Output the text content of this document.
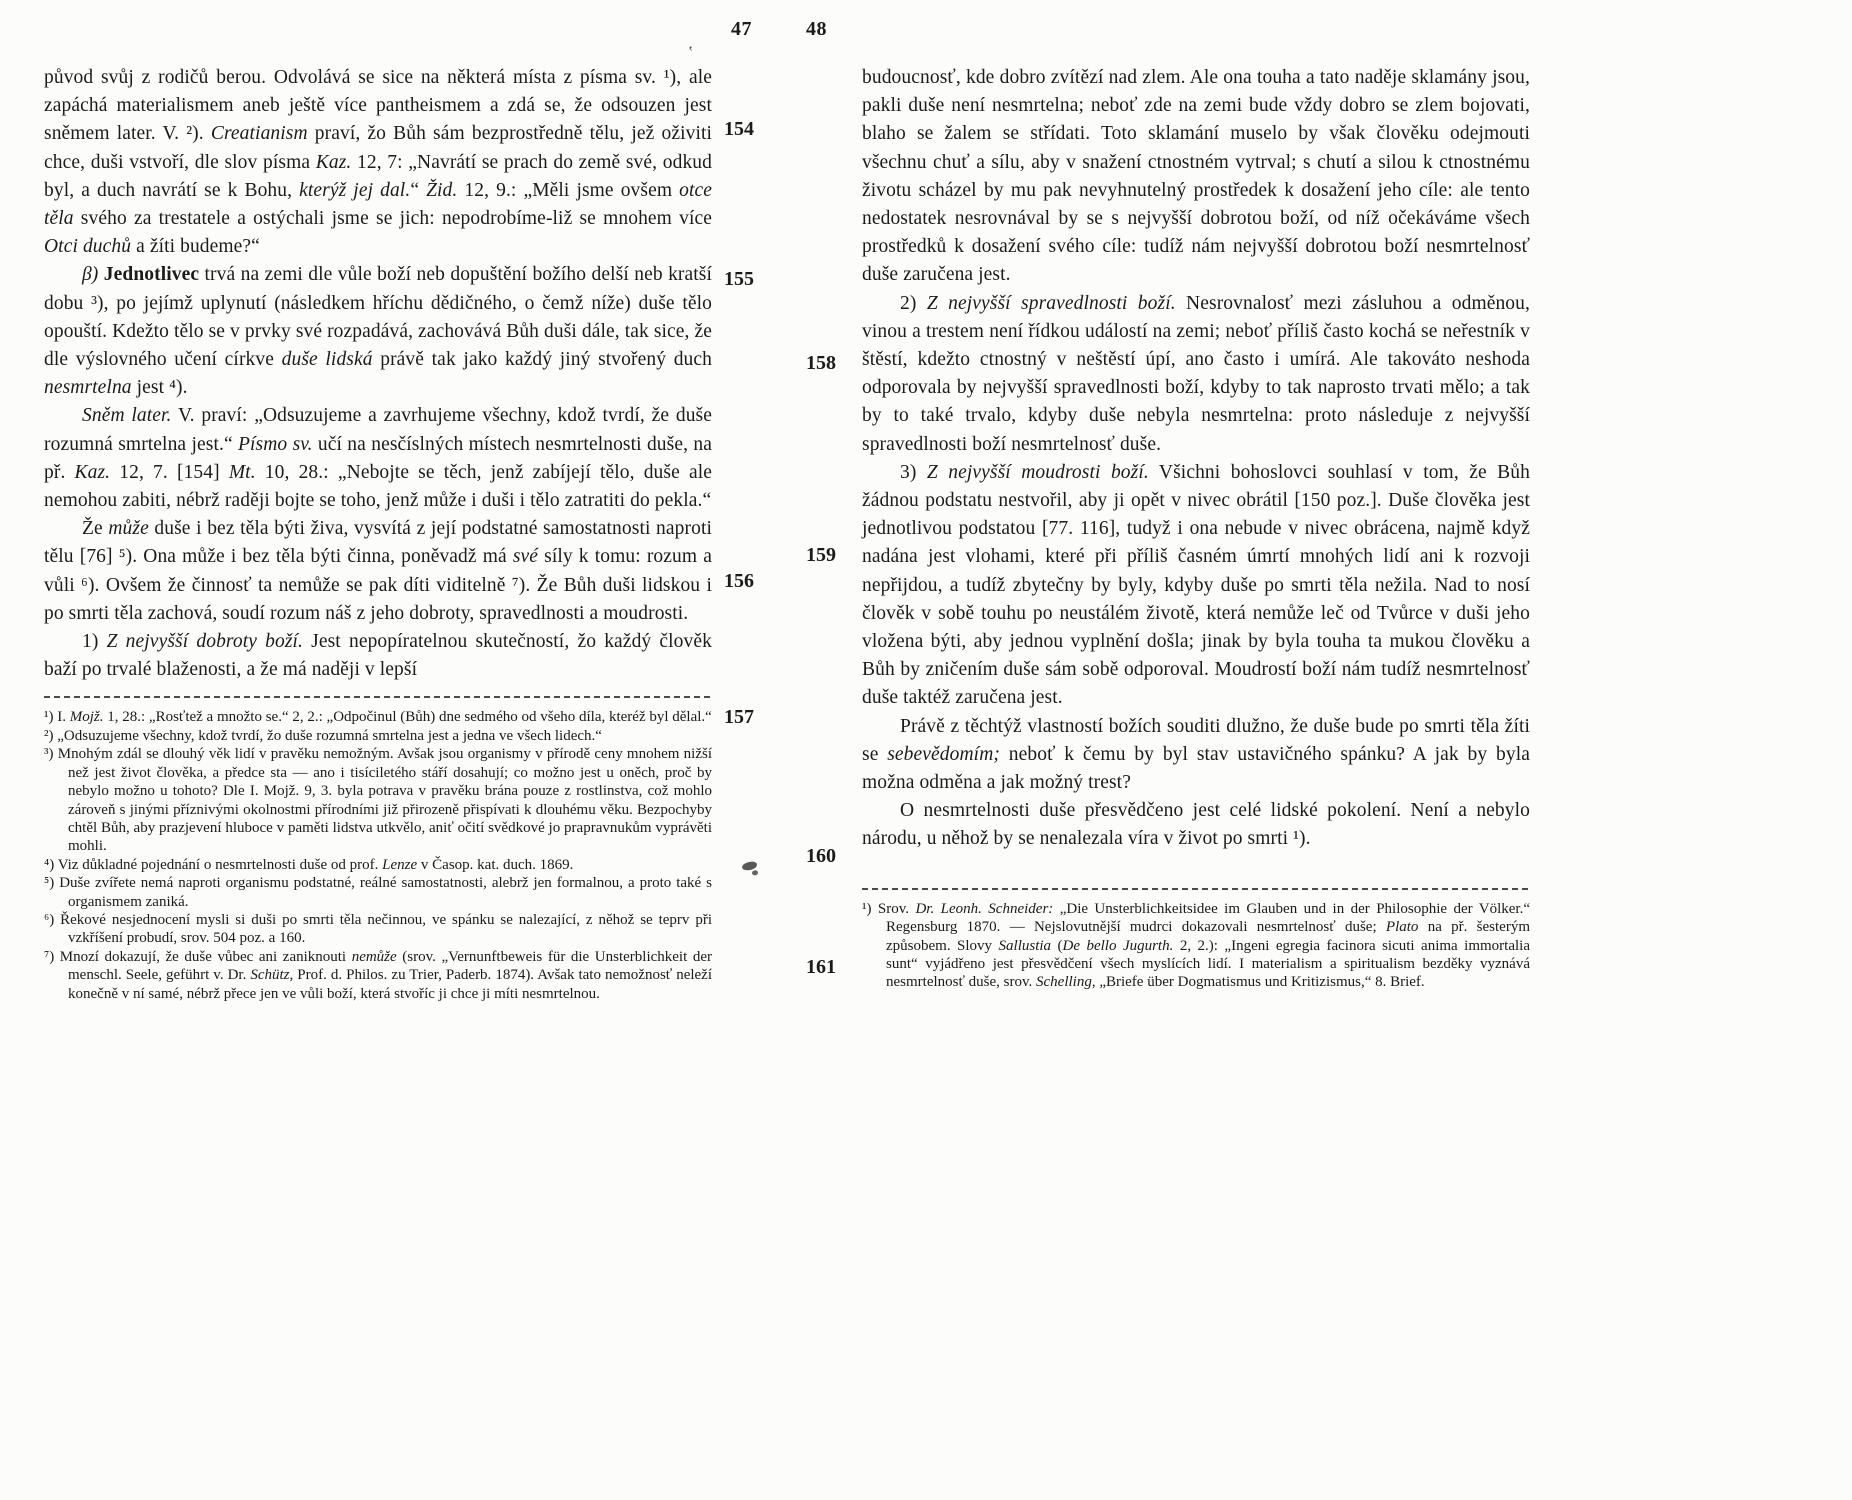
47	48
‛

původ svůj z rodičů berou. Odvolává se sice na některá místa z písma sv. ¹), ale zapáchá materialismem aneb ještě více pantheismem a zdá se, že odsouzen jest sněmem later. V. ²). Creatianism praví, žo Bůh sám bezprostředně tělu, jež oživiti chce, duši vstvoří, dle slov písma Kaz. 12, 7: „Navrátí se prach do země své, odkud byl, a duch navrátí se k Bohu, kterýž jej dal.“ Žid. 12, 9.: „Měli jsme ovšem otce těla svého za trestatele a ostýchali jsme se jich: nepodrobíme-liž se mnohem více Otci duchů a žíti budeme?“

β) Jednotlivec trvá na zemi dle vůle boží neb dopuštění božího delší neb kratší dobu ³), po jejímž uplynutí (následkem hříchu dědičného, o čemž níže) duše tělo opouští. Kdežto tělo se v prvky své rozpadává, zachovává Bůh duši dále, tak sice, že dle výslovného učení církve duše lidská právě tak jako každý jiný stvořený duch nesmrtelna jest ⁴).

Sněm later. V. praví: „Odsuzujeme a zavrhujeme všechny, kdož tvrdí, že duše rozumná smrtelna jest.“ Písmo sv. učí na nesčíslných místech nesmrtelnosti duše, na př. Kaz. 12, 7. [154] Mt. 10, 28.: „Nebojte se těch, jenž zabíjejí tělo, duše ale nemohou zabiti, nébrž raději bojte se toho, jenž může i duši i tělo zatratiti do pekla.“

Že může duše i bez těla býti živa, vysvítá z její podstatné samostatnosti naproti tělu [76] ⁵). Ona může i bez těla býti činna, poněvadž má své síly k tomu: rozum a vůli ⁶). Ovšem že činnosť ta nemůže se pak díti viditelně ⁷). Že Bůh duši lidskou i po smrti těla zachová, soudí rozum náš z jeho dobroty, spravedlnosti a moudrosti.

1) Z nejvyšší dobroty boží. Jest nepopíratelnou skutečností, žo každý člověk baží po trvalé blaženosti, a že má naději v lepší

¹) I. Mojž. 1, 28.: „Rosťtež a množto se.“ 2, 2.: „Odpočinul (Bůh) dne sedmého od všeho díla, kteréž byl dělal.“

²) „Odsuzujeme všechny, kdož tvrdí, žo duše rozumná smrtelna jest a jedna ve všech lidech.“

³) Mnohým zdál se dlouhý věk lidí v pravěku nemožným. Avšak jsou organismy v přírodě ceny mnohem nižší než jest život člověka, a předce sta — ano i tisíciletého stáří dosahují; co možno jest u oněch, proč by nebylo možno u tohoto? Dle I. Mojž. 9, 3. byla potrava v pravěku brána pouze z rostlinstva, což mohlo zároveň s jinými příznivými okolnostmi přírodními již přirozeně přispívati k dlouhému věku. Bezpochyby chtěl Bůh, aby prazjevení hluboce v paměti lidstva utkvělo, aniť očití svědkové jo prapravnukům vyprávěti mohli.

⁴) Viz důkladné pojednání o nesmrtelnosti duše od prof. Lenze v Časop. kat. duch. 1869.

⁵) Duše zvířete nemá naproti organismu podstatné, reálné samostatnosti, alebrž jen formalnou, a proto také s organismem zaniká.

⁶) Řekové nesjednocení mysli si duši po smrti těla nečinnou, ve spánku se nalezající, z něhož se teprv při vzkříšení probudí, srov. 504 poz. a 160.

⁷) Mnozí dokazují, že duše vůbec ani zaniknouti nemůže (srov. „Vernunftbeweis für die Unsterblichkeit der menschl. Seele, geführt v. Dr. Schütz, Prof. d. Philos. zu Trier, Paderb. 1874). Avšak tato nemožnosť neleží konečně v ní samé, nébrž přece jen ve vůli boží, která stvoříc ji chce ji míti nesmrtelnou.

154
155
156
157
158
159
160
161

budoucnosť, kde dobro zvítězí nad zlem. Ale ona touha a tato naděje sklamány jsou, pakli duše není nesmrtelna; neboť zde na zemi bude vždy dobro se zlem bojovati, blaho se žalem se střídati. Toto sklamání muselo by však člověku odejmouti všechnu chuť a sílu, aby v snažení ctnostném vytrval; s chutí a silou k ctnostnému životu scházel by mu pak nevyhnutelný prostředek k dosažení jeho cíle: ale tento nedostatek nesrovnával by se s nejvyšší dobrotou boží, od níž očekáváme všech prostředků k dosažení svého cíle: tudíž nám nejvyšší dobrotou boží nesmrtelnosť duše zaručena jest.

2) Z nejvyšší spravedlnosti boží. Nesrovnalosť mezi zásluhou a odměnou, vinou a trestem není řídkou událostí na zemi; neboť příliš často kochá se neřestník v štěstí, kdežto ctnostný v neštěstí úpí, ano často i umírá. Ale takováto neshoda odporovala by nejvyšší spravedlnosti boží, kdyby to tak naprosto trvati mělo; a tak by to také trvalo, kdyby duše nebyla nesmrtelna: proto následuje z nejvyšší spravedlnosti boží nesmrtelnosť duše.

3) Z nejvyšší moudrosti boží. Všichni bohoslovci souhlasí v tom, že Bůh žádnou podstatu nestvořil, aby ji opět v nivec obrátil [150 poz.]. Duše člověka jest jednotlivou podstatou [77. 116], tudyž i ona nebude v nivec obrácena, najmě když nadána jest vlohami, které při příliš časném úmrtí mnohých lidí ani k rozvoji nepřijdou, a tudíž zbytečny by byly, kdyby duše po smrti těla nežila. Nad to nosí člověk v sobě touhu po neustálém životě, která nemůže leč od Tvůrce v duši jeho vložena býti, aby jednou vyplnění došla; jinak by byla touha ta mukou člověku a Bůh by zničením duše sám sobě odporoval. Moudrostí boží nám tudíž nesmrtelnosť duše taktéž zaručena jest.

Právě z těchtýž vlastností božích souditi dlužno, že duše bude po smrti těla žíti se sebevědomím; neboť k čemu by byl stav ustavičného spánku? A jak by byla možna odměna a jak možný trest?

O nesmrtelnosti duše přesvědčeno jest celé lidské pokolení. Není a nebylo národu, u něhož by se nenalezala víra v život po smrti ¹).

¹) Srov. Dr. Leonh. Schneider: „Die Unsterblichkeitsidee im Glauben und in der Philosophie der Völker.“ Regensburg 1870. — Nejslovutnější mudrci dokazovali nesmrtelnosť duše; Plato na př. šesterým způsobem. Slovy Sallustia (De bello Jugurth. 2, 2.): „Ingeni egregia facinora sicuti anima immortalia sunt“ vyjádřeno jest přesvědčení všech myslících lidí. I materialism a spiritualism bezděky vyznává nesmrtelnosť duše, srov. Schelling, „Briefe über Dogmatismus und Kritizismus,“ 8. Brief.
